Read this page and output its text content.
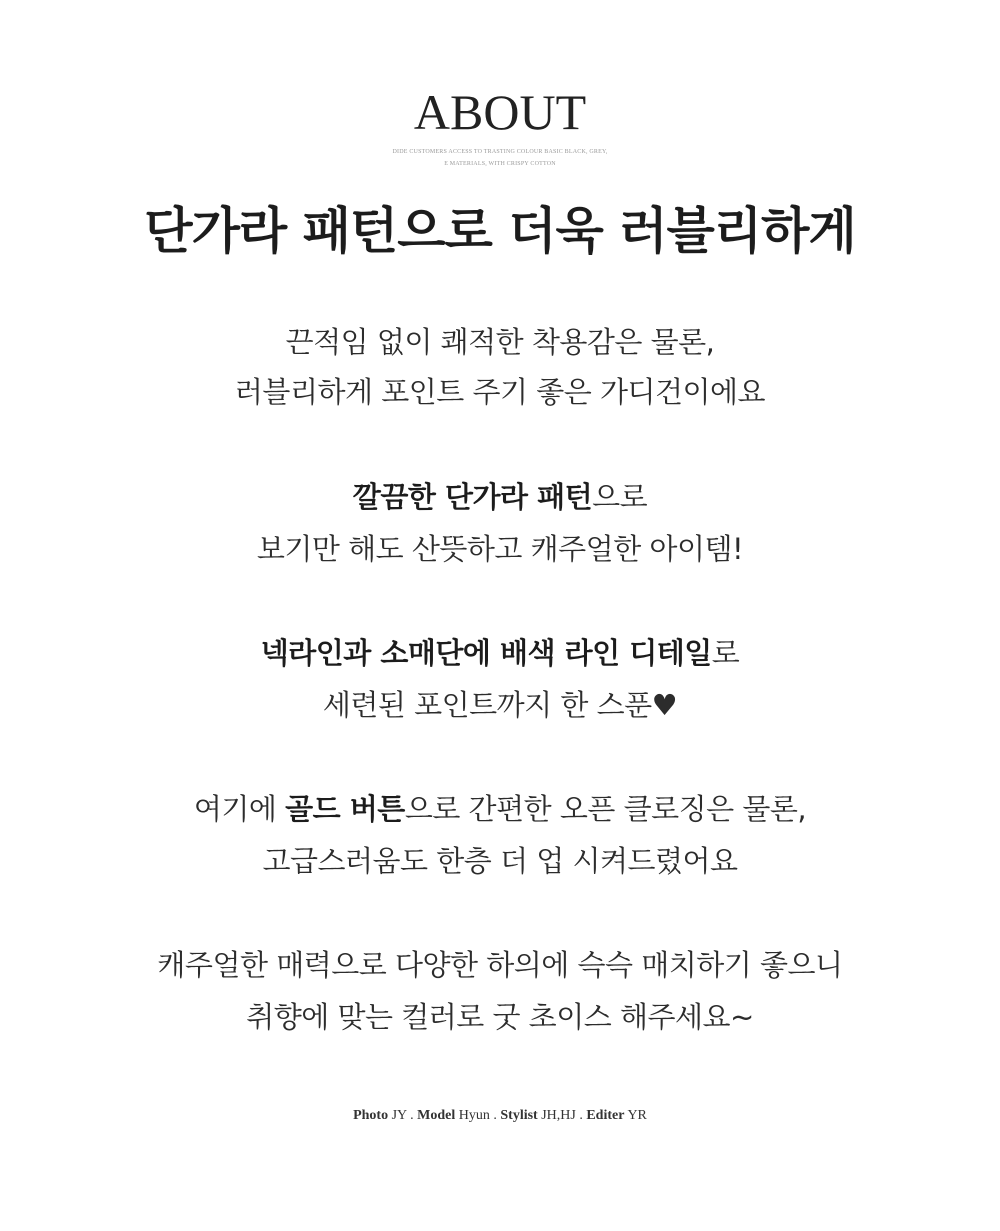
ABOUT
DIDE CUSTOMERS ACCESS TO TRASTING COLOUR BASIC BLACK, GREY,
E MATERIALS, WITH CRISPY COTTON
단가라 패턴으로 더욱 러블리하게
끈적임 없이 쾌적한 착용감은 물론,
러블리하게 포인트 주기 좋은 가디건이에요
깔끔한 단가라 패턴으로
보기만 해도 산뜻하고 캐주얼한 아이템!
넥라인과 소매단에 배색 라인 디테일로
세련된 포인트까지 한 스푼♥
여기에 골드 버튼으로 간편한 오픈 클로징은 물론,
고급스러움도 한층 더 업 시켜드렸어요
캐주얼한 매력으로 다양한 하의에 슥슥 매치하기 좋으니
취향에 맞는 컬러로 굿 초이스 해주세요~
Photo JY . Model Hyun . Stylist JH,HJ . Editer YR
